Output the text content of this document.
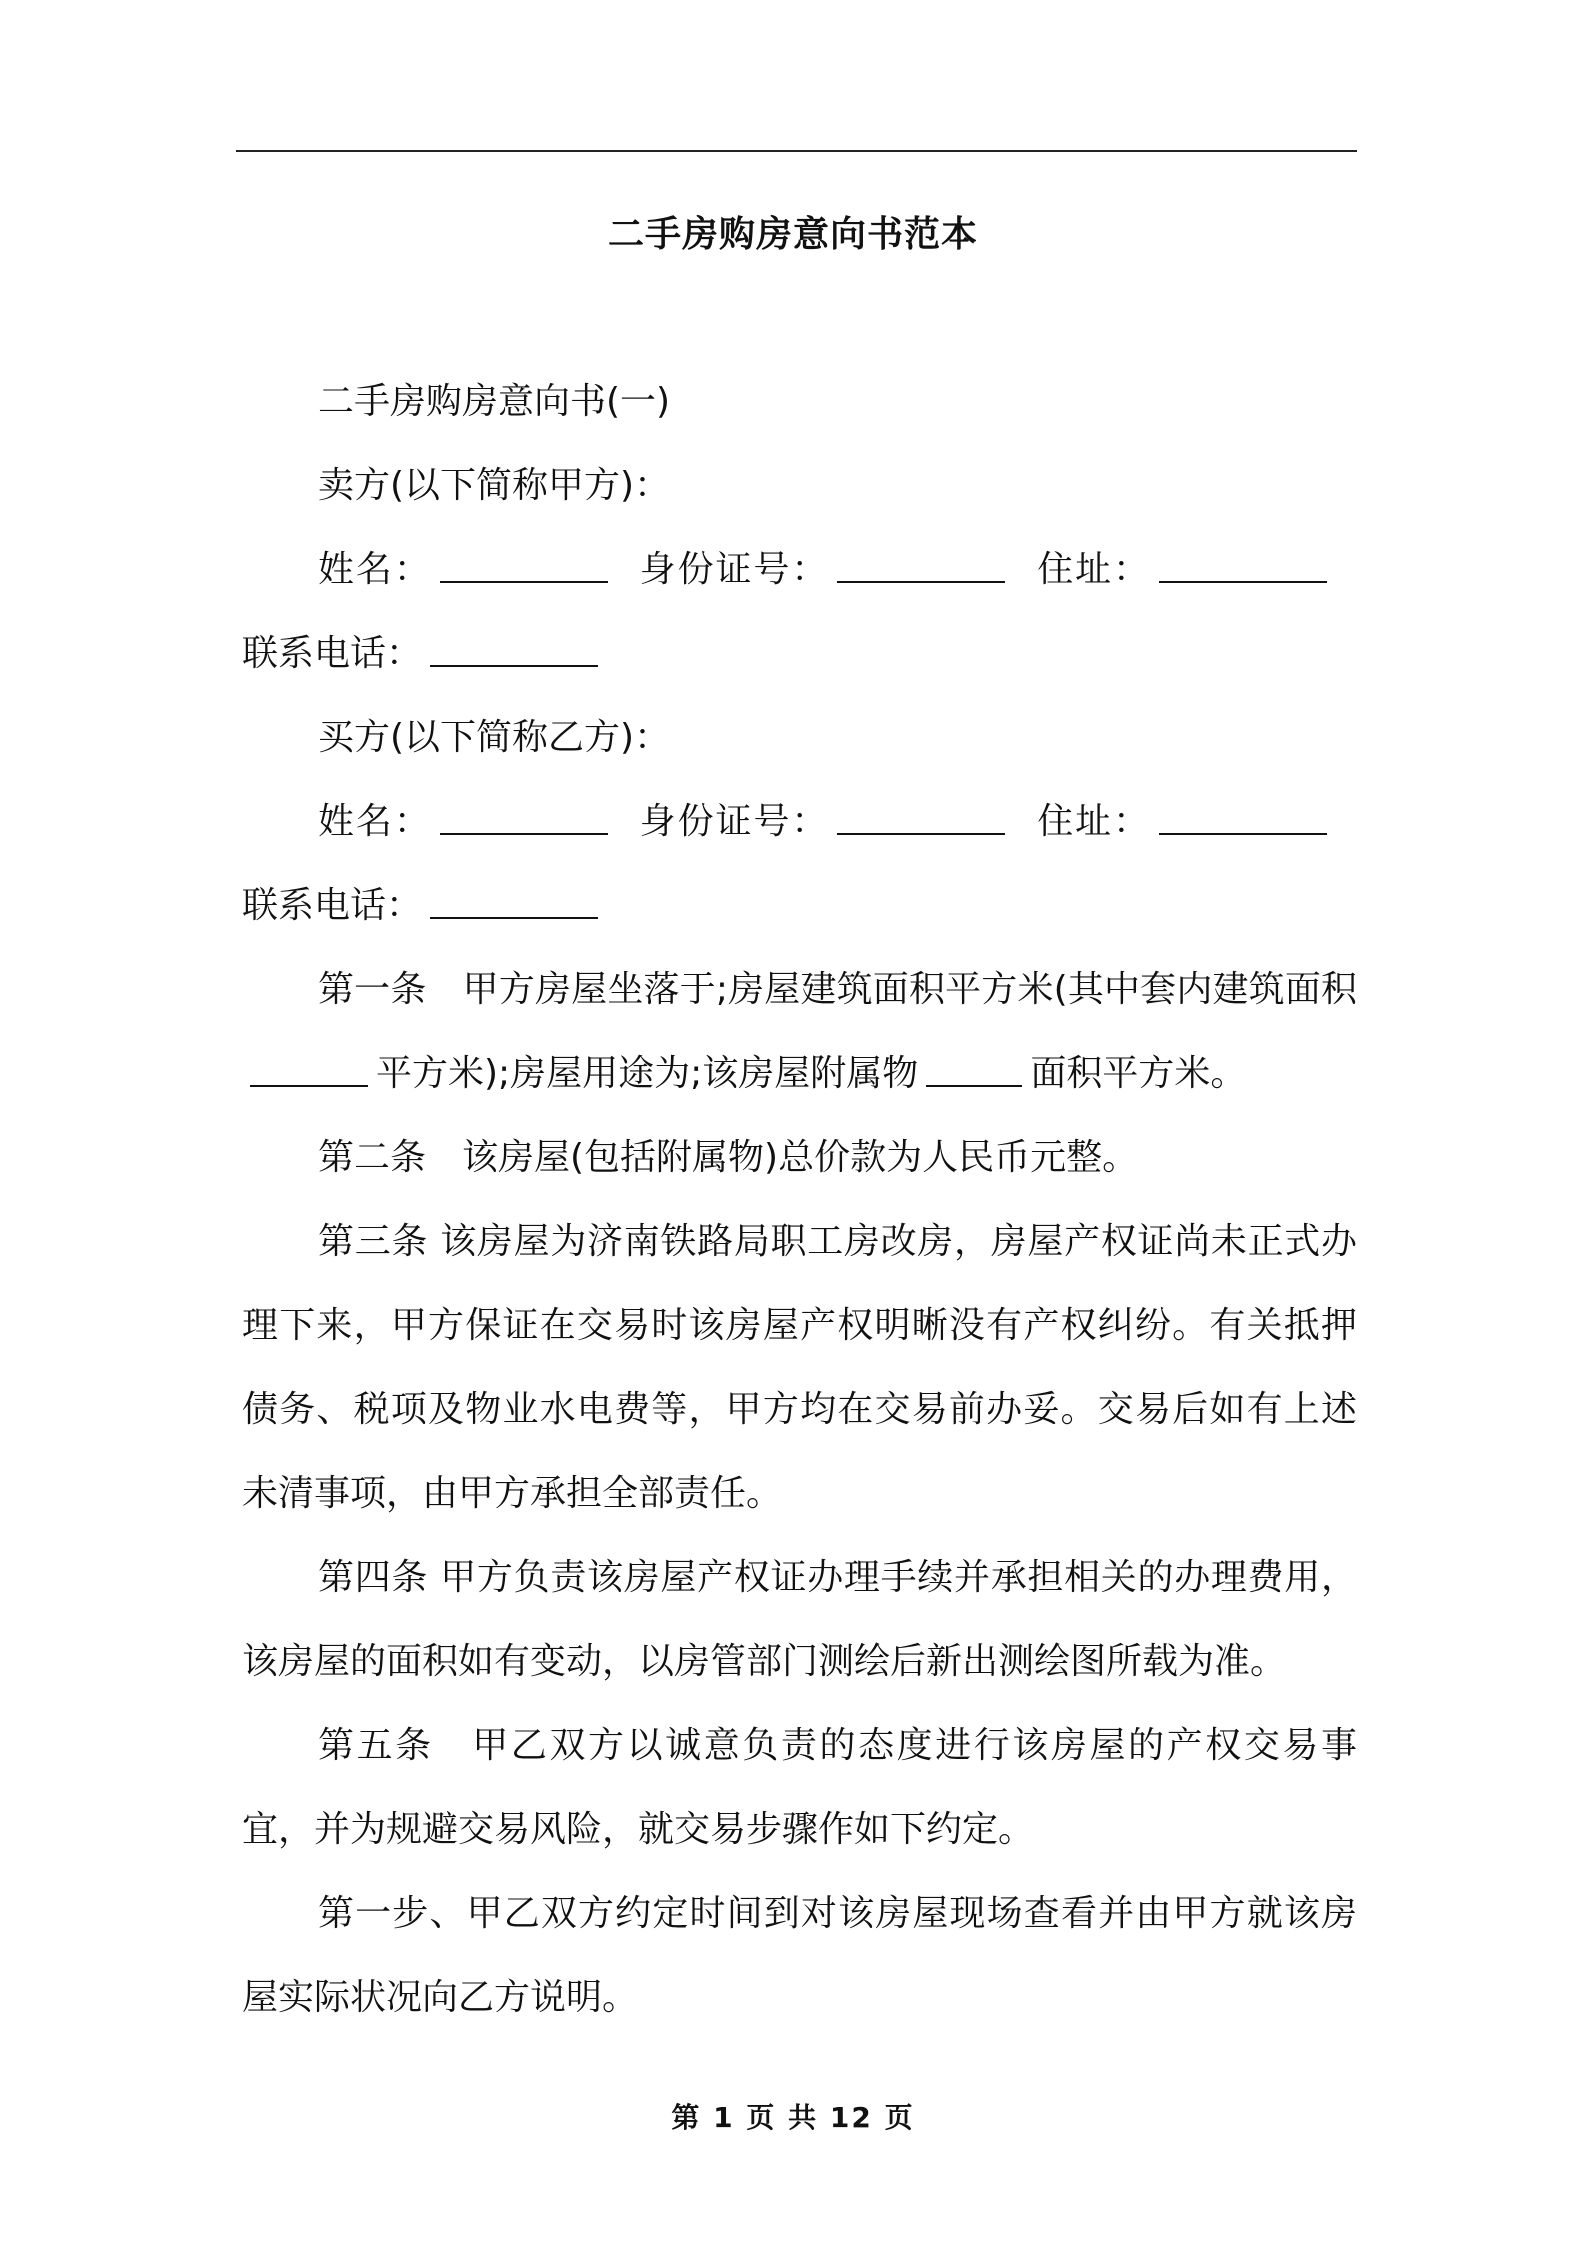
二手房购房意向书范本

二手房购房意向书(一)

卖方(以下简称甲方)：

姓名：	身份证号：	住址：联系电话：

买方(以下简称乙方)：

姓名：	身份证号：	住址：联系电话：

第一条　甲方房屋坐落于;房屋建筑面积平方米(其中套内建筑面积平方米);房屋用途为;该房屋附属物	面积平方米。

第二条　该房屋(包括附属物)总价款为人民币元整。

第三条 该房屋为济南铁路局职工房改房，房屋产权证尚未正式办理下来，甲方保证在交易时该房屋产权明晰没有产权纠纷。有关抵押债务、税项及物业水电费等，甲方均在交易前办妥。交易后如有上述未清事项，由甲方承担全部责任。

第四条 甲方负责该房屋产权证办理手续并承担相关的办理费用，该房屋的面积如有变动，以房管部门测绘后新出测绘图所载为准。

第五条　甲乙双方以诚意负责的态度进行该房屋的产权交易事宜，并为规避交易风险，就交易步骤作如下约定。

第一步、甲乙双方约定时间到对该房屋现场查看并由甲方就该房屋实际状况向乙方说明。

第 1 页 共 12 页
